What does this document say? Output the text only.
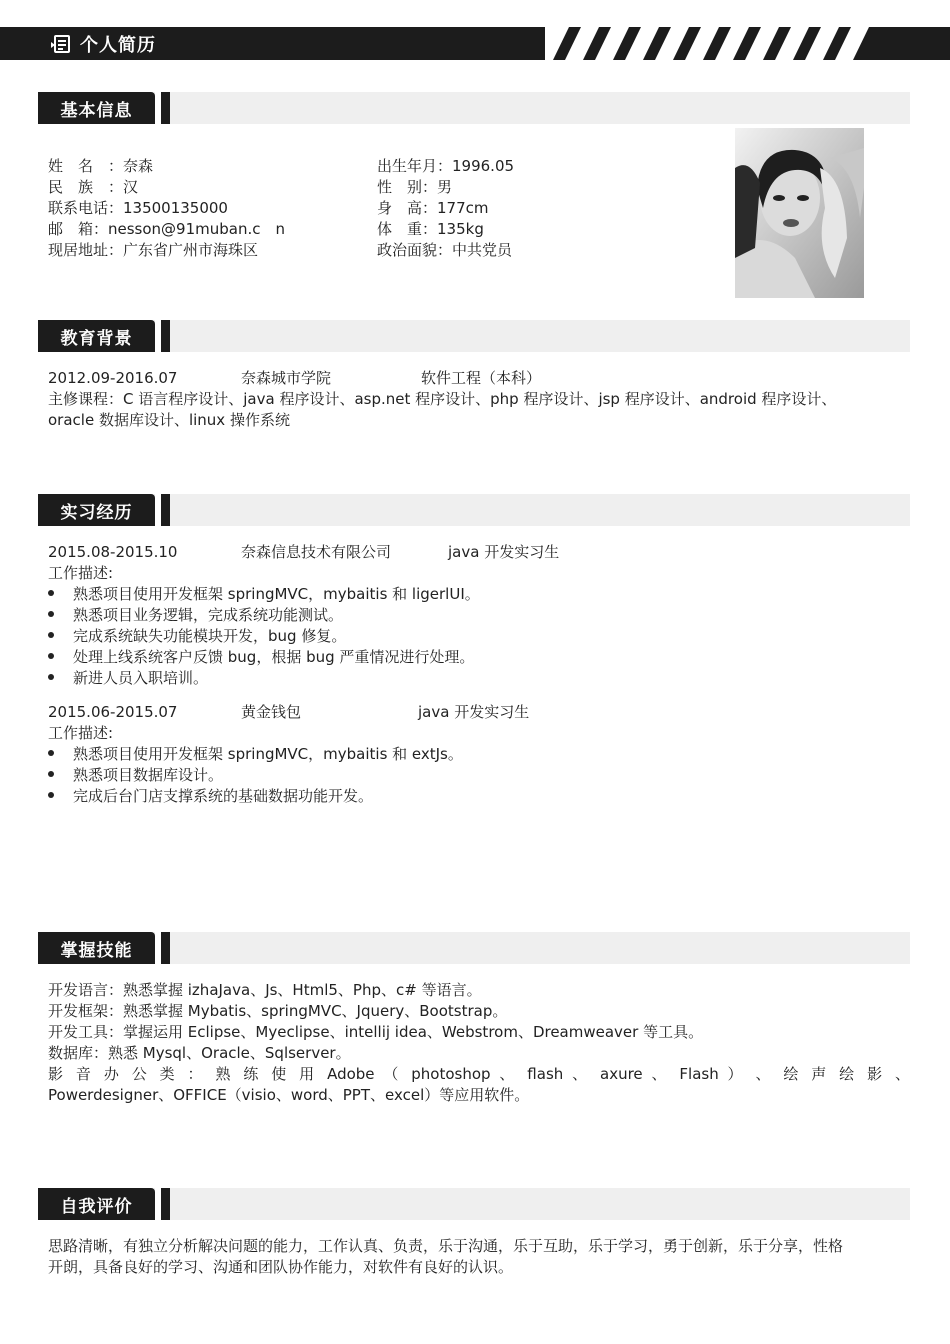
个人简历
基本信息
姓　名　：奈森
民　族　：汉
联系电话：13500135000
邮　箱：nesson@91muban.c　n
现居地址：广东省广州市海珠区
出生年月：1996.05
性　别：男
身　高：177cm
体　重：135kg
政治面貌：中共党员
教育背景
2012.09-2016.07	奈森城市学院	软件工程（本科）
主修课程：C 语言程序设计、java 程序设计、asp.net 程序设计、php 程序设计、jsp 程序设计、android 程序设计、
oracle 数据库设计、linux 操作系统
实习经历
2015.08-2015.10	奈森信息技术有限公司	java 开发实习生
工作描述:
熟悉项目使用开发框架 springMVC，mybaitis 和 ligerlUI。
熟悉项目业务逻辑，完成系统功能测试。
完成系统缺失功能模块开发，bug 修复。
处理上线系统客户反馈 bug，根据 bug 严重情况进行处理。
新进人员入职培训。
2015.06-2015.07	黄金钱包	java 开发实习生
工作描述:
熟悉项目使用开发框架 springMVC，mybaitis 和 extJs。
熟悉项目数据库设计。
完成后台门店支撑系统的基础数据功能开发。
掌握技能
开发语言：熟悉掌握 izhaJava、Js、Html5、Php、c# 等语言。
开发框架：熟悉掌握 Mybatis、springMVC、Jquery、Bootstrap。
开发工具：掌握运用 Eclipse、Myeclipse、intellij idea、Webstrom、Dreamweaver 等工具。
数据库：熟悉 Mysql、Oracle、Sqlserver。
影 音 办 公 类 ： 熟 练 使 用 Adobe （ photoshop 、 flash 、 axure 、 Flash ） 、 绘 声 绘 影 、
Powerdesigner、OFFICE（visio、word、PPT、excel）等应用软件。
自我评价
思路清晰，有独立分析解决问题的能力，工作认真、负责，乐于沟通，乐于互助，乐于学习，勇于创新，乐于分享，性格
开朗，具备良好的学习、沟通和团队协作能力，对软件有良好的认识。
